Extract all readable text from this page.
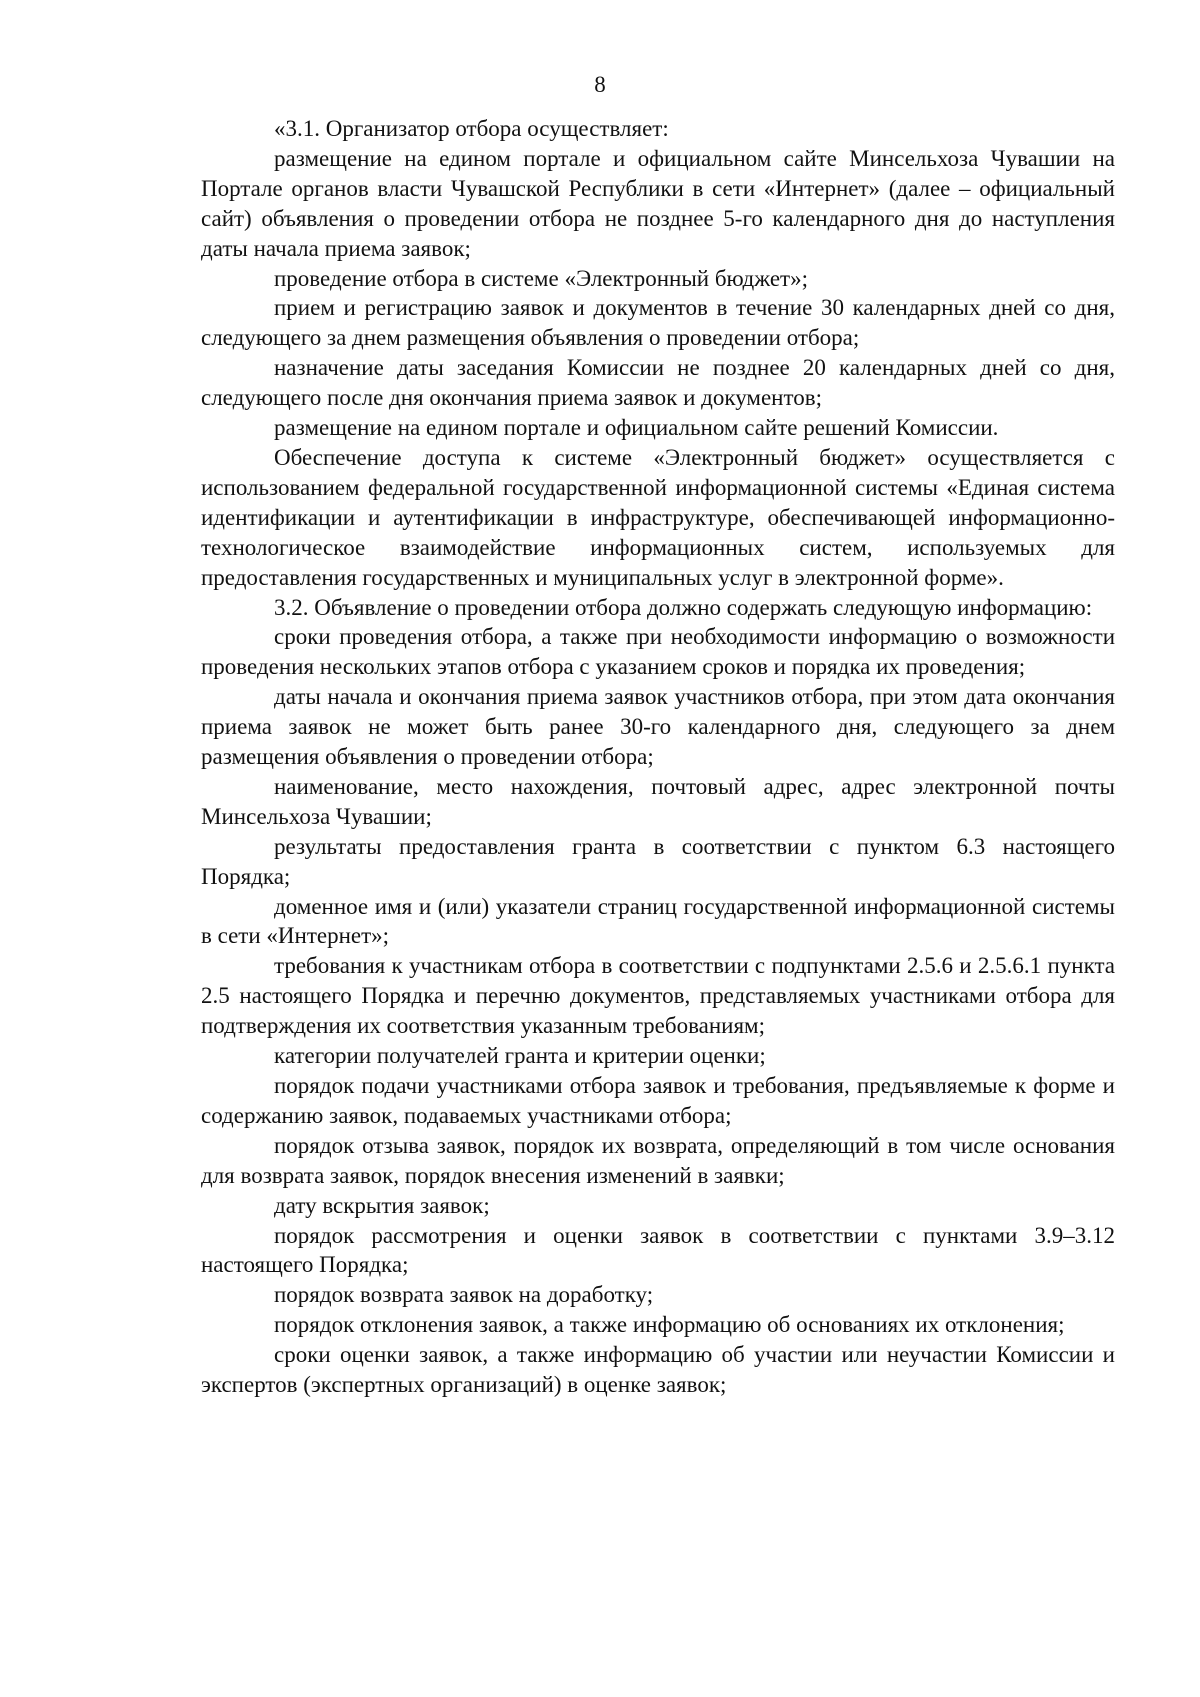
8

«3.1. Организатор отбора осуществляет:

размещение на едином портале и официальном сайте Минсельхоза Чувашии на Портале органов власти Чувашской Республики в сети «Интернет» (далее – официальный сайт) объявления о проведении отбора не позднее 5-го календарного дня до наступления даты начала приема заявок;

проведение отбора в системе «Электронный бюджет»;

прием и регистрацию заявок и документов в течение 30 календарных дней со дня, следующего за днем размещения объявления о проведении отбора;

назначение даты заседания Комиссии не позднее 20 календарных дней со дня, следующего после дня окончания приема заявок и документов;

размещение на едином портале и официальном сайте решений Комиссии.

Обеспечение доступа к системе «Электронный бюджет» осуществляется с использованием федеральной государственной информационной системы «Единая система идентификации и аутентификации в инфраструктуре, обеспечивающей информационно-технологическое взаимодействие информационных систем, используемых для предоставления государственных и муниципальных услуг в электронной форме».

3.2. Объявление о проведении отбора должно содержать следующую информацию:

сроки проведения отбора, а также при необходимости информацию о возможности проведения нескольких этапов отбора с указанием сроков и порядка их проведения;

даты начала и окончания приема заявок участников отбора, при этом дата окончания приема заявок не может быть ранее 30-го календарного дня, следующего за днем размещения объявления о проведении отбора;

наименование, место нахождения, почтовый адрес, адрес электронной почты Минсельхоза Чувашии;

результаты предоставления гранта в соответствии с пунктом 6.3 настоящего Порядка;

доменное имя и (или) указатели страниц государственной информационной системы в сети «Интернет»;

требования к участникам отбора в соответствии с подпунктами 2.5.6 и 2.5.6.1 пункта 2.5 настоящего Порядка и перечню документов, представляемых участниками отбора для подтверждения их соответствия указанным требованиям;

категории получателей гранта и критерии оценки;

порядок подачи участниками отбора заявок и требования, предъявляемые к форме и содержанию заявок, подаваемых участниками отбора;

порядок отзыва заявок, порядок их возврата, определяющий в том числе основания для возврата заявок, порядок внесения изменений в заявки;

дату вскрытия заявок;

порядок рассмотрения и оценки заявок в соответствии с пунктами 3.9–3.12 настоящего Порядка;

порядок возврата заявок на доработку;

порядок отклонения заявок, а также информацию об основаниях их отклонения;

сроки оценки заявок, а также информацию об участии или неучастии Комиссии и экспертов (экспертных организаций) в оценке заявок;
